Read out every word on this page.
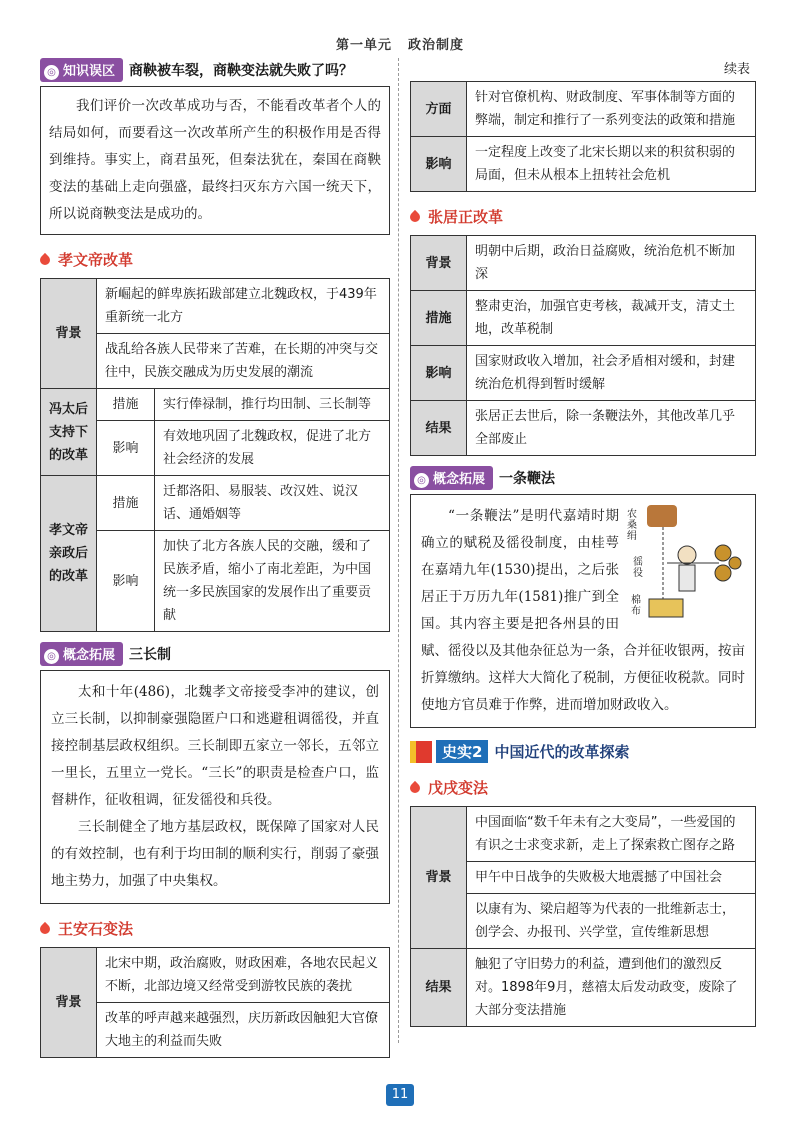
第一单元 政治制度
◎ 知识误区 商鞅被车裂，商鞅变法就失败了吗？
我们评价一次改革成功与否，不能看改革者个人的结局如何，而要看这一次改革所产生的积极作用是否得到维持。事实上，商君虽死，但秦法犹在，秦国在商鞅变法的基础上走向强盛，最终扫灭东方六国一统天下，所以说商鞅变法是成功的。
孝文帝改革
背景	新崛起的鲜卑族拓跋部建立北魏政权，于439年重新统一北方	
	战乱给各族人民带来了苦难，在长期的冲突与交往中，民族交融成为历史发展的潮流	
冯太后支持下的改革	措施	实行俸禄制，推行均田制、三长制等
	影响	有效地巩固了北魏政权，促进了北方社会经济的发展
孝文帝亲政后的改革	措施	迁都洛阳、易服装、改汉姓、说汉话、通婚姻等
	影响	加快了北方各族人民的交融，缓和了民族矛盾，缩小了南北差距，为中国统一多民族国家的发展作出了重要贡献
◎ 概念拓展 三长制

太和十年(486)，北魏孝文帝接受李冲的建议，创立三长制，以抑制豪强隐匿户口和逃避租调徭役，并直接控制基层政权组织。三长制即五家立一邻长，五邻立一里长，五里立一党长。“三长”的职责是检查户口，监督耕作，征收租调，征发徭役和兵役。

三长制健全了地方基层政权，既保障了国家对人民的有效控制，也有利于均田制的顺利实行，削弱了豪强地主势力，加强了中央集权。

王安石变法
背景	北宋中期，政治腐败，财政困难，各地农民起义不断，北部边境又经常受到游牧民族的袭扰
改革的呼声越来越强烈，庆历新政因触犯大官僚大地主的利益而失败
续表
方面	针对官僚机构、财政制度、军事体制等方面的弊端，制定和推行了一系列变法的政策和措施
影响	一定程度上改变了北宋长期以来的积贫积弱的局面，但未从根本上扭转社会危机
张居正改革
背景	明朝中后期，政治日益腐败，统治危机不断加深
措施	整肃吏治，加强官吏考核，裁减开支，清丈土地，改革税制
影响	国家财政收入增加，社会矛盾相对缓和，封建统治危机得到暂时缓解
结果	张居正去世后，除一条鞭法外，其他改革几乎全部废止
◎ 概念拓展 一条鞭法
农桑绢
徭役
棉布

“一条鞭法”是明代嘉靖时期确立的赋税及徭役制度，由桂萼在嘉靖九年(1530)提出，之后张居正于万历九年(1581)推广到全国。其内容主要是把各州县的田赋、徭役以及其他杂征总为一条，合并征收银两，按亩折算缴纳。这样大大简化了税制，方便征收税款。同时使地方官员难于作弊，进而增加财政收入。

史实2 中国近代的改革探索
戊戌变法
背景	中国面临“数千年未有之大变局”，一些爱国的有识之士求变求新，走上了探索救亡图存之路
	甲午中日战争的失败极大地震撼了中国社会
	以康有为、梁启超等为代表的一批维新志士，创学会、办报刊、兴学堂，宣传维新思想
结果	触犯了守旧势力的利益，遭到他们的激烈反对。1898年9月，慈禧太后发动政变，废除了大部分变法措施
11
